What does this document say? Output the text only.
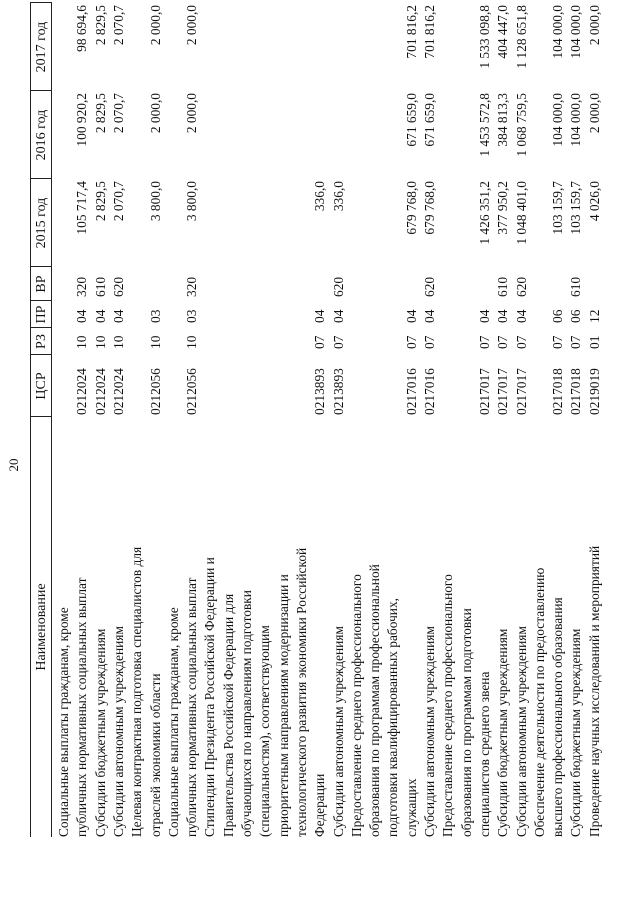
20
Наименование
ЦСР
РЗ
ПР
ВР
2015 год
2016 год
2017 год
Социальные выплаты гражданам, кроме публичных нормативных социальных выплат
0212024
10
04
320
105 717,4
100 920,2
98 694,6
Субсидии бюджетным учреждениям
0212024
10
04
610
2 829,5
2 829,5
2 829,5
Субсидии автономным учреждениям
0212024
10
04
620
2 070,7
2 070,7
2 070,7
Целевая контрактная подготовка специалистов для отраслей экономики области
0212056
10
03
3 800,0
2 000,0
2 000,0
Социальные выплаты гражданам, кроме публичных нормативных социальных выплат
0212056
10
03
320
3 800,0
2 000,0
2 000,0
Стипендии Президента Российской Федерации и Правительства Российской Федерации для обучающихся по направлениям подготовки (специальностям), соответствующим приоритетным направлениям модернизации и технологического развития экономики Российской Федерации
0213893
07
04
336,0
Субсидии автономным учреждениям
0213893
07
04
620
336,0
Предоставление среднего профессионального образования по программам профессиональной подготовки квалифицированных рабочих, служащих
0217016
07
04
679 768,0
671 659,0
701 816,2
Субсидии автономным учреждениям
0217016
07
04
620
679 768,0
671 659,0
701 816,2
Предоставление среднего профессионального образования по программам подготовки специалистов среднего звена
0217017
07
04
1 426 351,2
1 453 572,8
1 533 098,8
Субсидии бюджетным учреждениям
0217017
07
04
610
377 950,2
384 813,3
404 447,0
Субсидии автономным учреждениям
0217017
07
04
620
1 048 401,0
1 068 759,5
1 128 651,8
Обеспечение деятельности по предоставлению высшего профессионального образования
0217018
07
06
103 159,7
104 000,0
104 000,0
Субсидии бюджетным учреждениям
0217018
07
06
610
103 159,7
104 000,0
104 000,0
Проведение научных исследований и мероприятий
0219019
01
12
4 026,0
2 000,0
2 000,0
